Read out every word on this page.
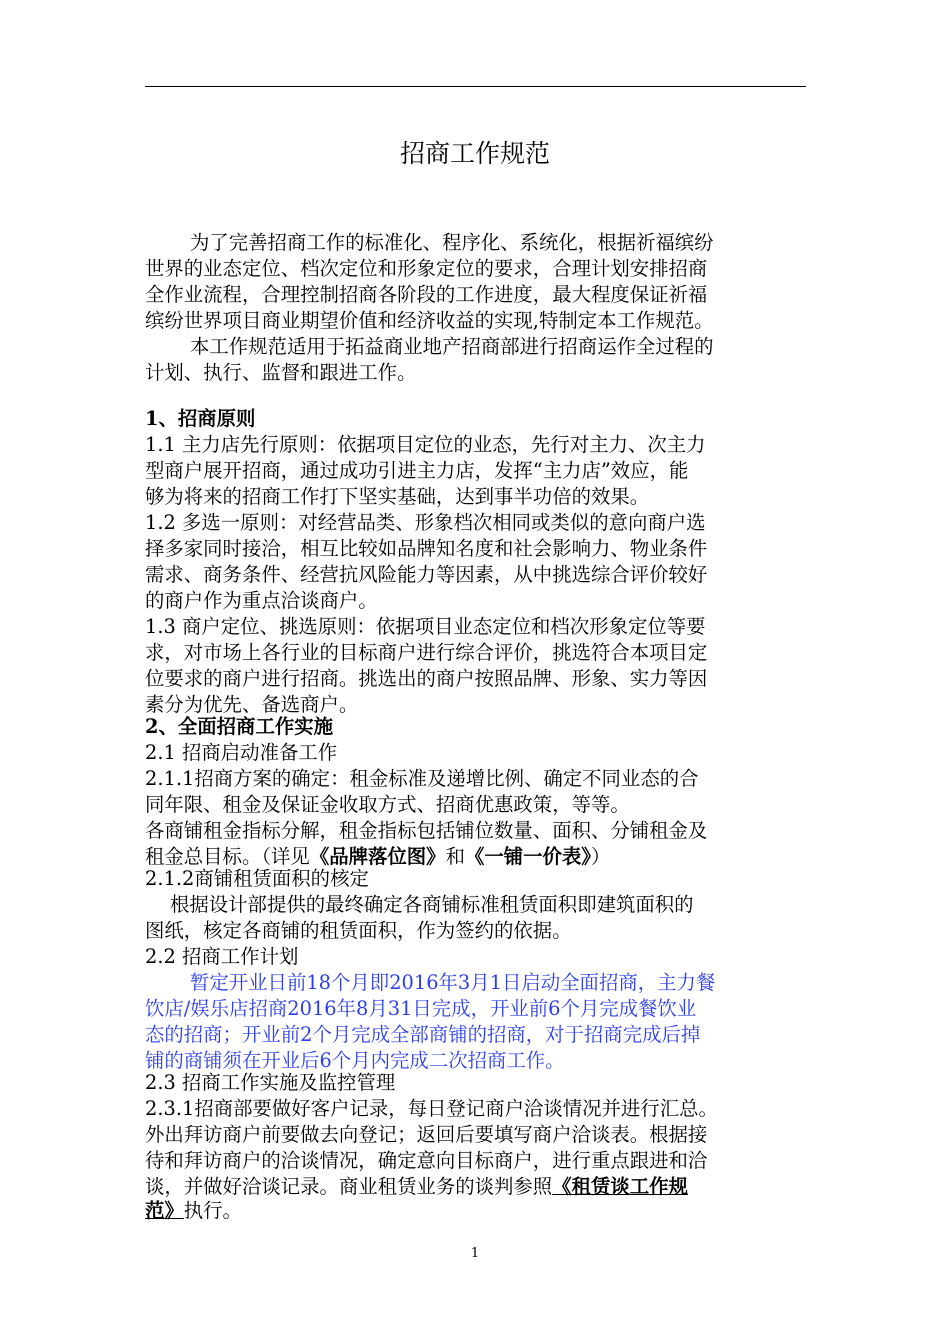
招商工作规范
为了完善招商工作的标准化、程序化、系统化，根据祈福缤纷
世界的业态定位、档次定位和形象定位的要求，合理计划安排招商
全作业流程，合理控制招商各阶段的工作进度，最大程度保证祈福
缤纷世界项目商业期望价值和经济收益的实现,特制定本工作规范。
本工作规范适用于拓益商业地产招商部进行招商运作全过程的
计划、执行、监督和跟进工作。
1、招商原则
1.1 主力店先行原则：依据项目定位的业态，先行对主力、次主力
型商户展开招商，通过成功引进主力店，发挥“主力店”效应，能
够为将来的招商工作打下坚实基础，达到事半功倍的效果。
1.2 多选一原则：对经营品类、形象档次相同或类似的意向商户选
择多家同时接洽，相互比较如品牌知名度和社会影响力、物业条件
需求、商务条件、经营抗风险能力等因素，从中挑选综合评价较好
的商户作为重点洽谈商户。
1.3 商户定位、挑选原则：依据项目业态定位和档次形象定位等要
求，对市场上各行业的目标商户进行综合评价，挑选符合本项目定
位要求的商户进行招商。挑选出的商户按照品牌、形象、实力等因
素分为优先、备选商户。
2、全面招商工作实施
2.1 招商启动准备工作
2.1.1招商方案的确定：租金标准及递增比例、确定不同业态的合
同年限、租金及保证金收取方式、招商优惠政策，等等。
各商铺租金指标分解，租金指标包括铺位数量、面积、分铺租金及
租金总目标。（详见《品牌落位图》和《一铺一价表》）
2.1.2商铺租赁面积的核定
根据设计部提供的最终确定各商铺标准租赁面积即建筑面积的
图纸，核定各商铺的租赁面积，作为签约的依据。
2.2 招商工作计划
暂定开业日前18个月即2016年3月1日启动全面招商，主力餐
饮店/娱乐店招商2016年8月31日完成，开业前6个月完成餐饮业
态的招商；开业前2个月完成全部商铺的招商，对于招商完成后掉
铺的商铺须在开业后6个月内完成二次招商工作。
2.3 招商工作实施及监控管理
2.3.1招商部要做好客户记录，每日登记商户洽谈情况并进行汇总。
外出拜访商户前要做去向登记；返回后要填写商户洽谈表。根据接
待和拜访商户的洽谈情况，确定意向目标商户，进行重点跟进和洽
谈，并做好洽谈记录。商业租赁业务的谈判参照《租赁谈工作规
范》执行。
1
